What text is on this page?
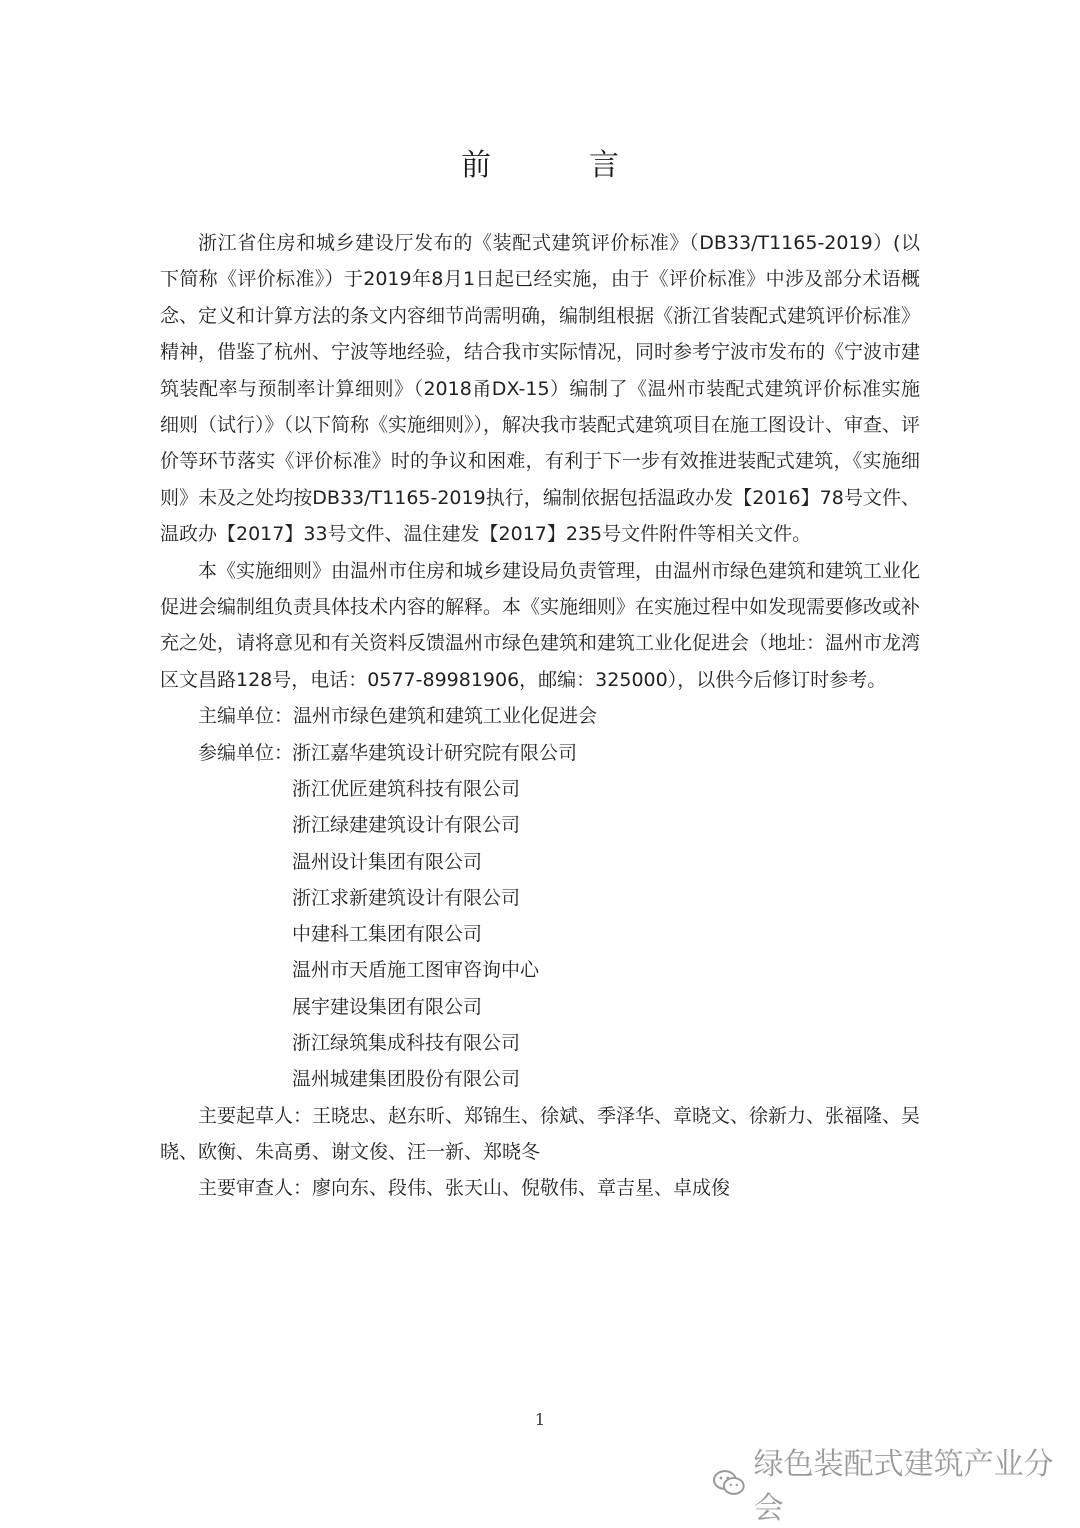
前　言

浙江省住房和城乡建设厅发布的《装配式建筑评价标准》（DB33/T1165-2019）(以下简称《评价标准》）于2019年8月1日起已经实施，由于《评价标准》中涉及部分术语概念、定义和计算方法的条文内容细节尚需明确，编制组根据《浙江省装配式建筑评价标准》精神，借鉴了杭州、宁波等地经验，结合我市实际情况，同时参考宁波市发布的《宁波市建筑装配率与预制率计算细则》（2018甬DX-15）编制了《温州市装配式建筑评价标准实施细则（试行）》（以下简称《实施细则》），解决我市装配式建筑项目在施工图设计、审查、评价等环节落实《评价标准》时的争议和困难，有利于下一步有效推进装配式建筑，《实施细则》未及之处均按DB33/T1165-2019执行，编制依据包括温政办发【2016】78号文件、温政办【2017】33号文件、温住建发【2017】235号文件附件等相关文件。

本《实施细则》由温州市住房和城乡建设局负责管理，由温州市绿色建筑和建筑工业化促进会编制组负责具体技术内容的解释。本《实施细则》在实施过程中如发现需要修改或补充之处，请将意见和有关资料反馈温州市绿色建筑和建筑工业化促进会（地址：温州市龙湾区文昌路128号，电话：0577-89981906，邮编：325000），以供今后修订时参考。

主编单位：温州市绿色建筑和建筑工业化促进会

参编单位：
浙江嘉华建筑设计研究院有限公司
浙江优匠建筑科技有限公司
浙江绿建建筑设计有限公司
温州设计集团有限公司
浙江求新建筑设计有限公司
中建科工集团有限公司
温州市天盾施工图审咨询中心
展宇建设集团有限公司
浙江绿筑集成科技有限公司
温州城建集团股份有限公司

主要起草人：王晓忠、赵东昕、郑锦生、徐斌、季泽华、章晓文、徐新力、张福隆、吴晓、欧衡、朱高勇、谢文俊、汪一新、郑晓冬

主要审查人：廖向东、段伟、张天山、倪敬伟、章吉星、卓成俊

1
绿色装配式建筑产业分会
